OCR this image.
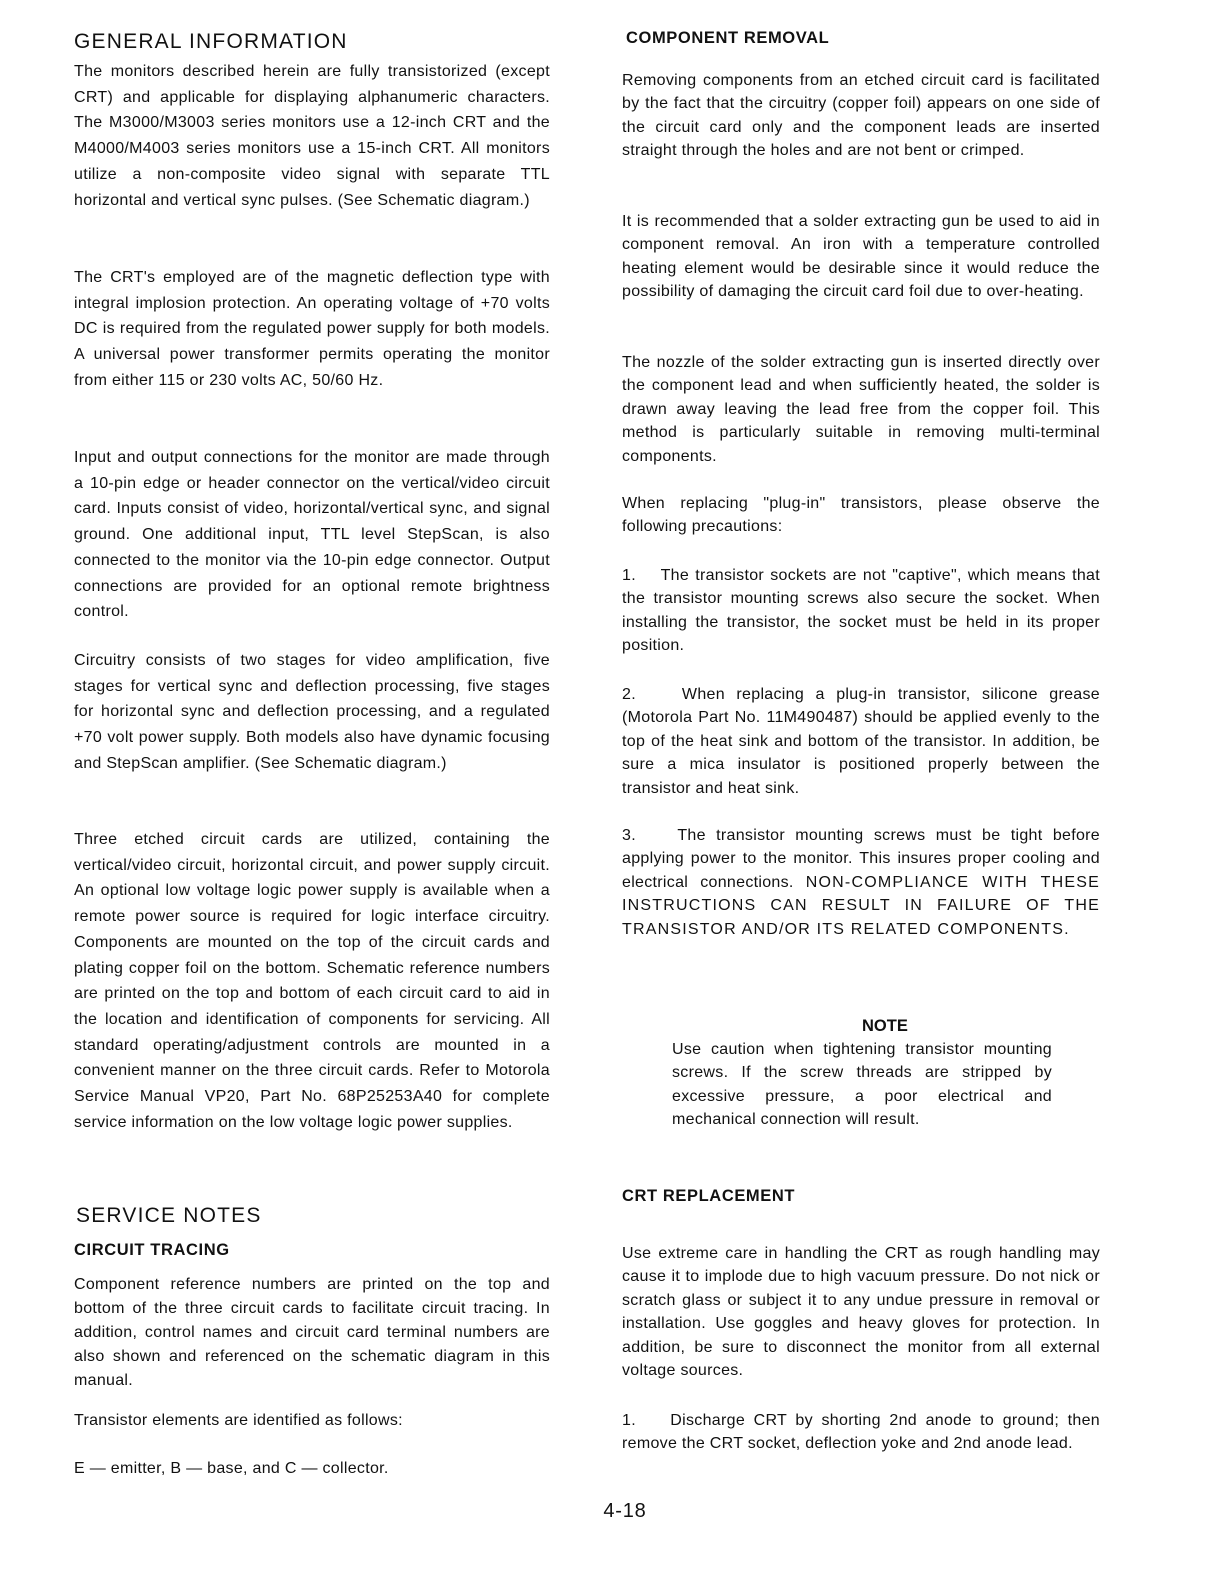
GENERAL INFORMATION

The monitors described herein are fully transistorized (except CRT) and applicable for displaying alphanumeric characters. The M3000/M3003 series monitors use a 12-inch CRT and the M4000/M4003 series monitors use a 15-inch CRT. All monitors utilize a non-composite video signal with separate TTL horizontal and vertical sync pulses. (See Schematic diagram.)

The CRT's employed are of the magnetic deflection type with integral implosion protection. An operating voltage of +70 volts DC is required from the regulated power supply for both models. A universal power transformer permits operating the monitor from either 115 or 230 volts AC, 50/60 Hz.

Input and output connections for the monitor are made through a 10-pin edge or header connector on the vertical/video circuit card. Inputs consist of video, horizontal/vertical sync, and signal ground. One additional input, TTL level StepScan, is also connected to the monitor via the 10-pin edge connector. Output connections are provided for an optional remote brightness control.

Circuitry consists of two stages for video amplification, five stages for vertical sync and deflection processing, five stages for horizontal sync and deflection processing, and a regulated +70 volt power supply. Both models also have dynamic focusing and StepScan amplifier. (See Schematic diagram.)

Three etched circuit cards are utilized, containing the vertical/video circuit, horizontal circuit, and power supply circuit. An optional low voltage logic power supply is available when a remote power source is required for logic interface circuitry. Components are mounted on the top of the circuit cards and plating copper foil on the bottom. Schematic reference numbers are printed on the top and bottom of each circuit card to aid in the location and identification of components for servicing. All standard operating/adjustment controls are mounted in a convenient manner on the three circuit cards. Refer to Motorola Service Manual VP20, Part No. 68P25253A40 for complete service information on the low voltage logic power supplies.

SERVICE NOTES
CIRCUIT TRACING

Component reference numbers are printed on the top and bottom of the three circuit cards to facilitate circuit tracing. In addition, control names and circuit card terminal numbers are also shown and referenced on the schematic diagram in this manual.

Transistor elements are identified as follows:

E — emitter, B — base, and C — collector.

COMPONENT REMOVAL

Removing components from an etched circuit card is facilitated by the fact that the circuitry (copper foil) appears on one side of the circuit card only and the component leads are inserted straight through the holes and are not bent or crimped.

It is recommended that a solder extracting gun be used to aid in component removal. An iron with a temperature controlled heating element would be desirable since it would reduce the possibility of damaging the circuit card foil due to over-heating.

The nozzle of the solder extracting gun is inserted directly over the component lead and when sufficiently heated, the solder is drawn away leaving the lead free from the copper foil. This method is particularly suitable in removing multi-terminal components.

When replacing "plug-in" transistors, please observe the following precautions:

1.    The transistor sockets are not "captive", which means that the transistor mounting screws also secure the socket. When installing the transistor, the socket must be held in its proper position.

2.    When replacing a plug-in transistor, silicone grease (Motorola Part No. 11M490487) should be applied evenly to the top of the heat sink and bottom of the transistor. In addition, be sure a mica insulator is positioned properly between the transistor and heat sink.

3.    The transistor mounting screws must be tight before applying power to the monitor. This insures proper cooling and electrical connections. NON-COMPLIANCE WITH THESE INSTRUCTIONS CAN RESULT IN FAILURE OF THE TRANSISTOR AND/OR ITS RELATED COMPONENTS.

NOTE

Use caution when tightening transistor mounting screws. If the screw threads are stripped by excessive pressure, a poor electrical and mechanical connection will result.

CRT REPLACEMENT

Use extreme care in handling the CRT as rough handling may cause it to implode due to high vacuum pressure. Do not nick or scratch glass or subject it to any undue pressure in removal or installation. Use goggles and heavy gloves for protection. In addition, be sure to disconnect the monitor from all external voltage sources.

1.    Discharge CRT by shorting 2nd anode to ground; then remove the CRT socket, deflection yoke and 2nd anode lead.

4-18
